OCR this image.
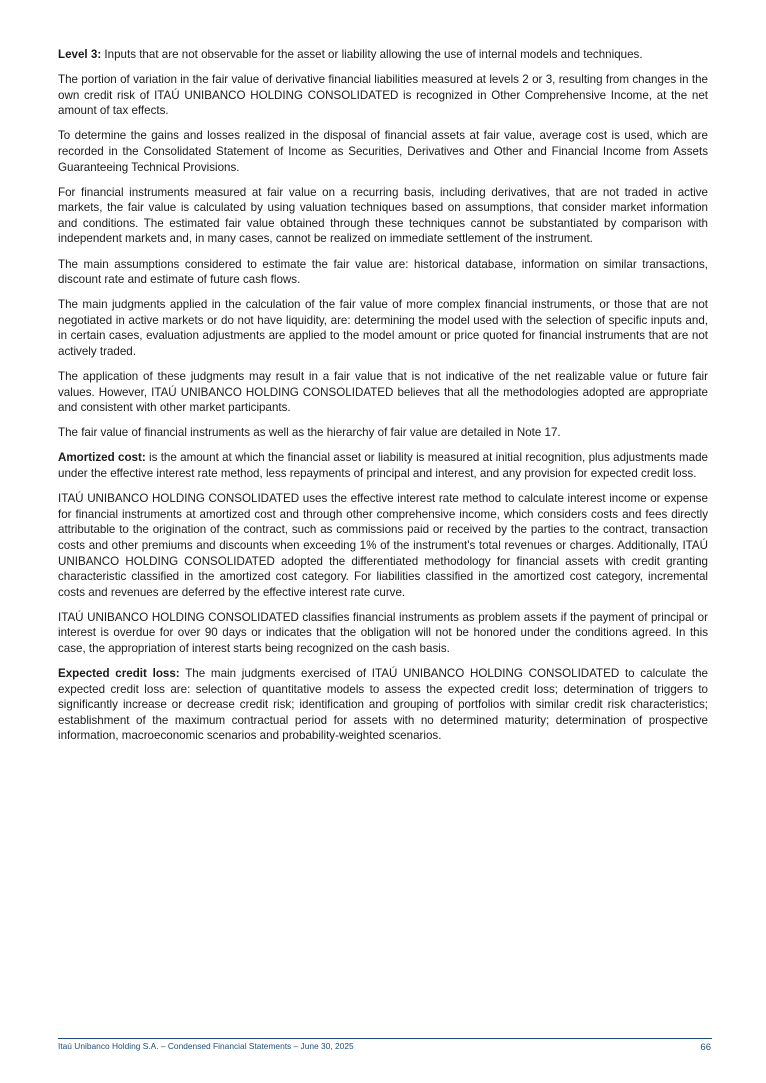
Level 3: Inputs that are not observable for the asset or liability allowing the use of internal models and techniques.

The portion of variation in the fair value of derivative financial liabilities measured at levels 2 or 3, resulting from changes in the own credit risk of ITAÚ UNIBANCO HOLDING CONSOLIDATED is recognized in Other Comprehensive Income, at the net amount of tax effects.

To determine the gains and losses realized in the disposal of financial assets at fair value, average cost is used, which are recorded in the Consolidated Statement of Income as Securities, Derivatives and Other and Financial Income from Assets Guaranteeing Technical Provisions.

For financial instruments measured at fair value on a recurring basis, including derivatives, that are not traded in active markets, the fair value is calculated by using valuation techniques based on assumptions, that consider market information and conditions. The estimated fair value obtained through these techniques cannot be substantiated by comparison with independent markets and, in many cases, cannot be realized on immediate settlement of the instrument.

The main assumptions considered to estimate the fair value are: historical database, information on similar transactions, discount rate and estimate of future cash flows.

The main judgments applied in the calculation of the fair value of more complex financial instruments, or those that are not negotiated in active markets or do not have liquidity, are: determining the model used with the selection of specific inputs and, in certain cases, evaluation adjustments are applied to the model amount or price quoted for financial instruments that are not actively traded.

The application of these judgments may result in a fair value that is not indicative of the net realizable value or future fair values. However, ITAÚ UNIBANCO HOLDING CONSOLIDATED believes that all the methodologies adopted are appropriate and consistent with other market participants.

The fair value of financial instruments as well as the hierarchy of fair value are detailed in Note 17.

Amortized cost: is the amount at which the financial asset or liability is measured at initial recognition, plus adjustments made under the effective interest rate method, less repayments of principal and interest, and any provision for expected credit loss.

ITAÚ UNIBANCO HOLDING CONSOLIDATED uses the effective interest rate method to calculate interest income or expense for financial instruments at amortized cost and through other comprehensive income, which considers costs and fees directly attributable to the origination of the contract, such as commissions paid or received by the parties to the contract, transaction costs and other premiums and discounts when exceeding 1% of the instrument's total revenues or charges. Additionally, ITAÚ UNIBANCO HOLDING CONSOLIDATED adopted the differentiated methodology for financial assets with credit granting characteristic classified in the amortized cost category. For liabilities classified in the amortized cost category, incremental costs and revenues are deferred by the effective interest rate curve.

ITAÚ UNIBANCO HOLDING CONSOLIDATED classifies financial instruments as problem assets if the payment of principal or interest is overdue for over 90 days or indicates that the obligation will not be honored under the conditions agreed. In this case, the appropriation of interest starts being recognized on the cash basis.

Expected credit loss: The main judgments exercised of ITAÚ UNIBANCO HOLDING CONSOLIDATED to calculate the expected credit loss are: selection of quantitative models to assess the expected credit loss; determination of triggers to significantly increase or decrease credit risk; identification and grouping of portfolios with similar credit risk characteristics; establishment of the maximum contractual period for assets with no determined maturity; determination of prospective information, macroeconomic scenarios and probability-weighted scenarios.

Itaú Unibanco Holding S.A. – Condensed Financial Statements – June 30, 2025	66
